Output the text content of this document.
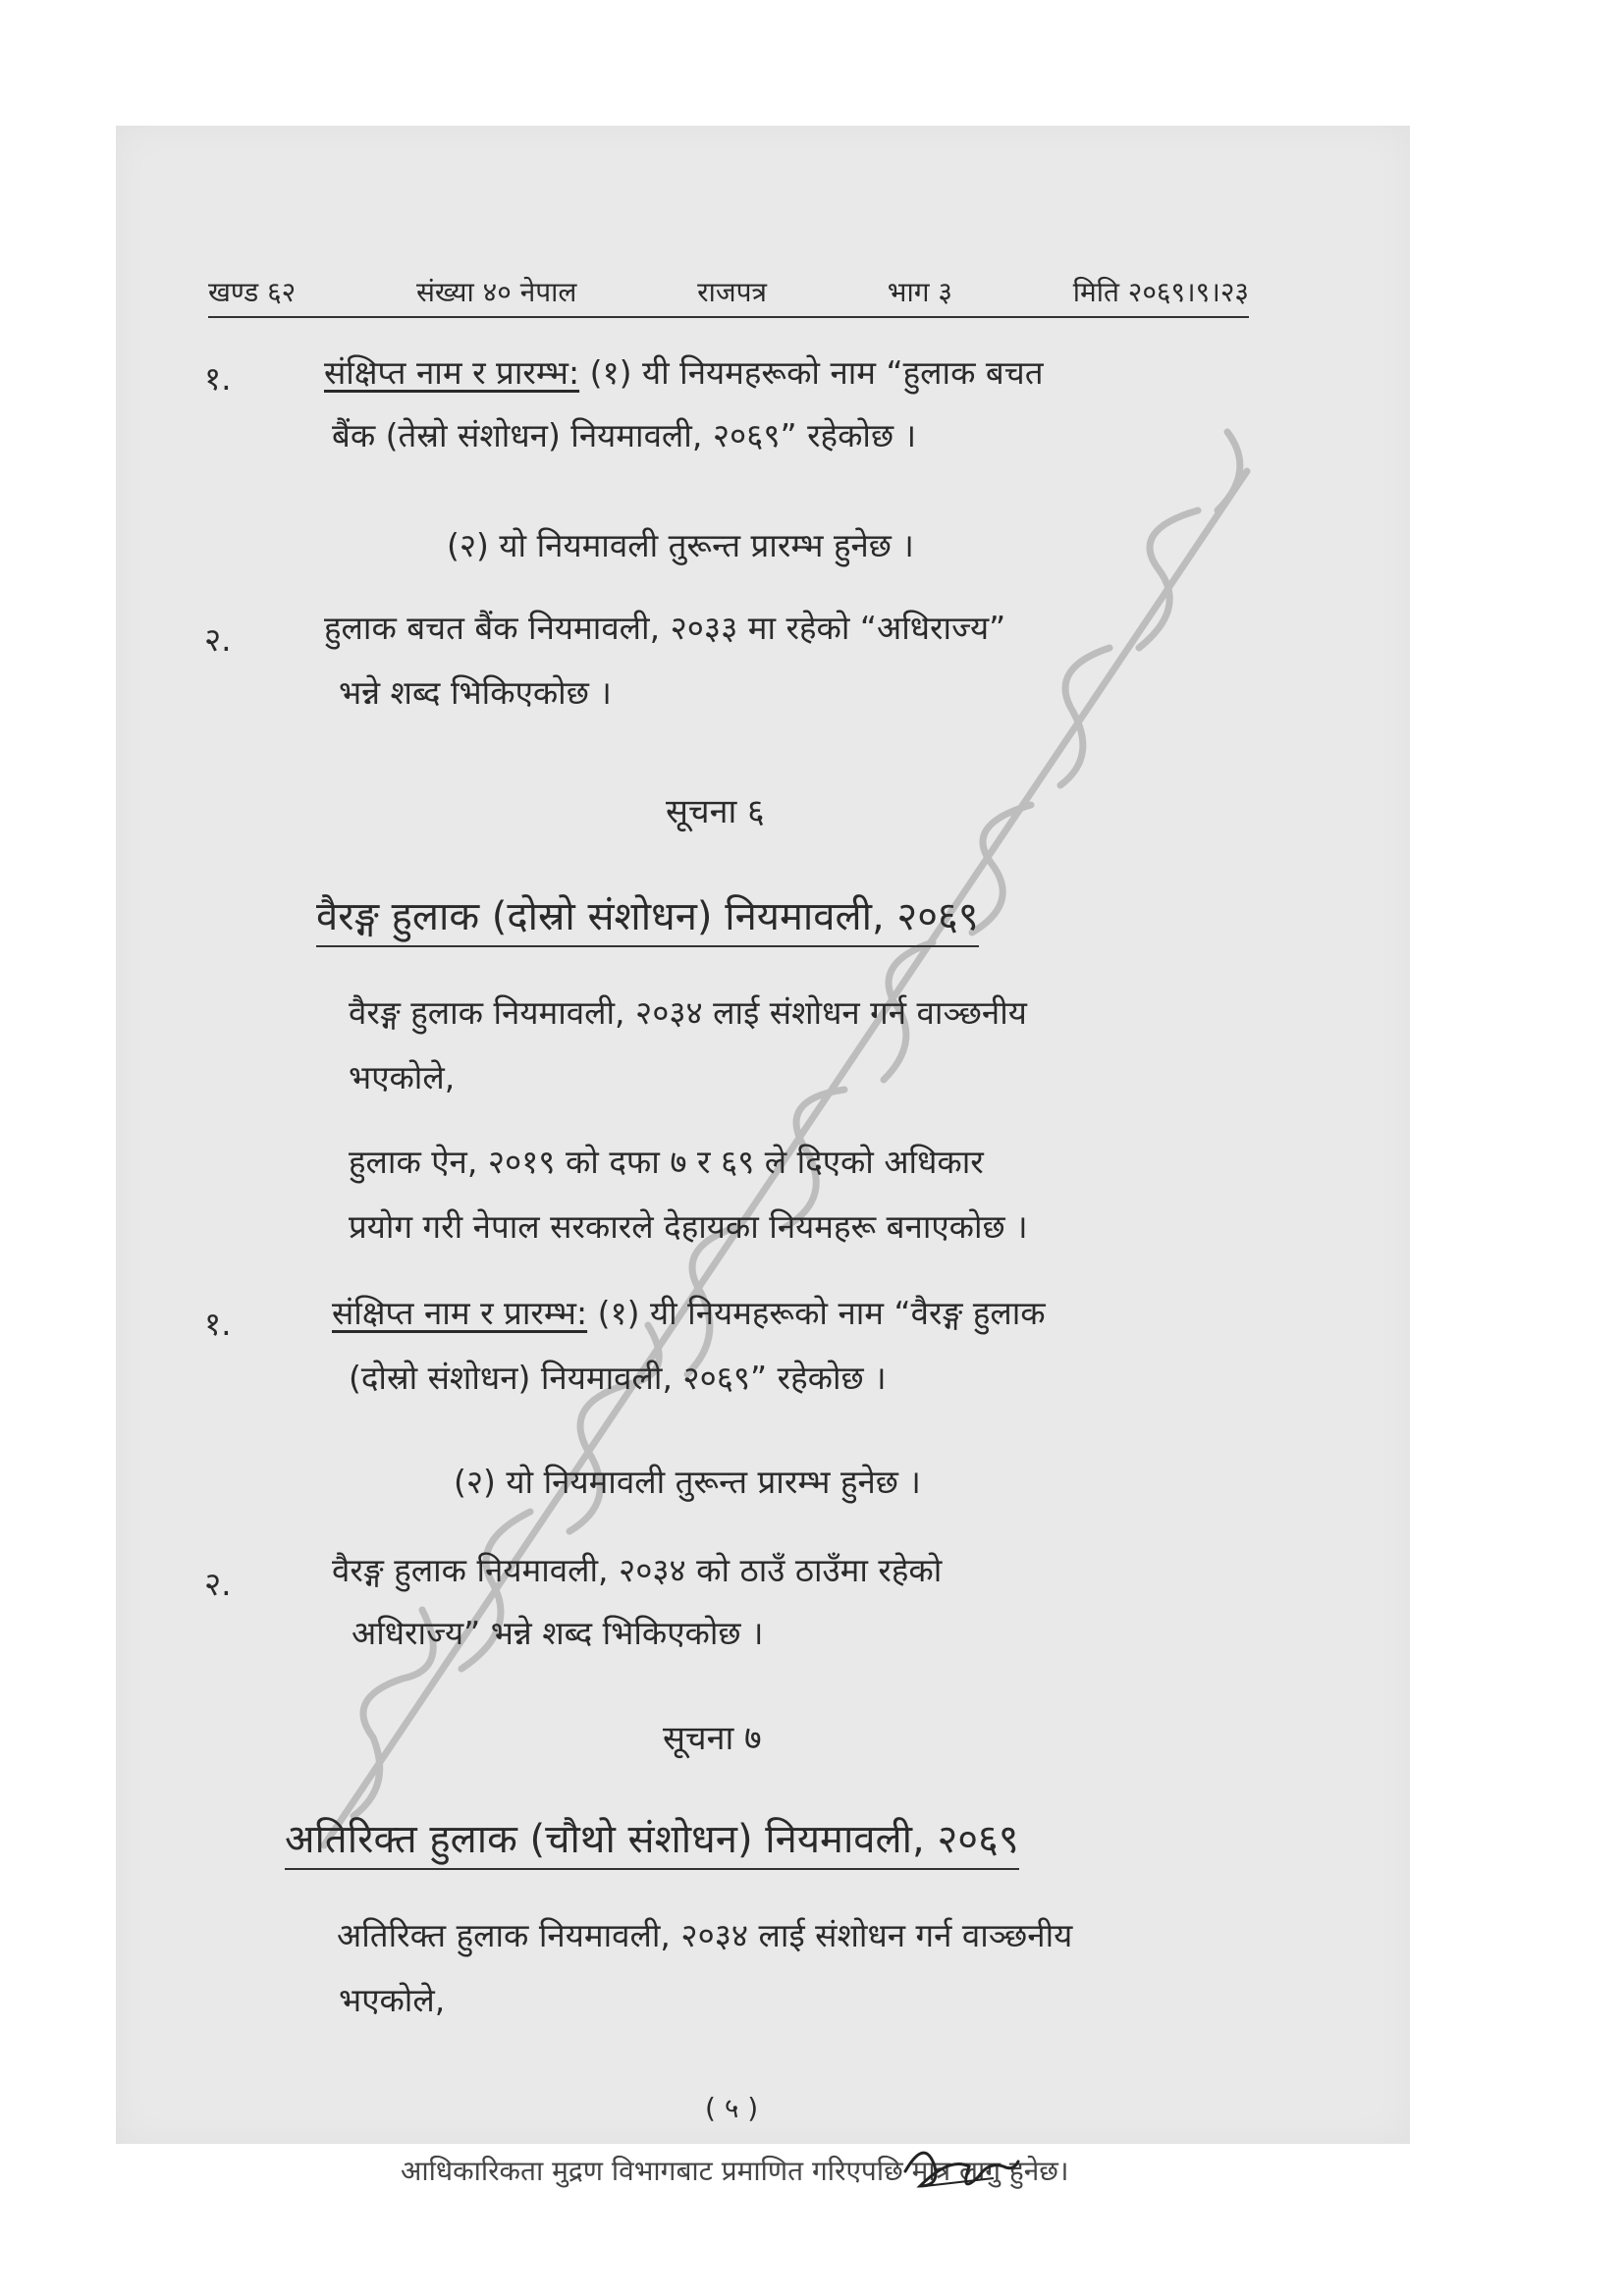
खण्ड ६२	संख्या ४० नेपाल	राजपत्र	भाग ३	मिति २०६९।९।२३
१.	संक्षिप्त नाम र प्रारम्भ: (१) यी नियमहरूको नाम “हुलाक बचत
बैंक (तेस्रो संशोधन) नियमावली, २०६९” रहेकोछ ।
(२) यो नियमावली तुरून्त प्रारम्भ हुनेछ ।
२.	हुलाक बचत बैंक नियमावली, २०३३ मा रहेको “अधिराज्य”
भन्ने शब्द भिकिएकोछ ।
सूचना ६
वैरङ्ग हुलाक (दोस्रो संशोधन) नियमावली, २०६९
वैरङ्ग हुलाक नियमावली, २०३४ लाई संशोधन गर्न वाञ्छनीय
भएकोले,
हुलाक ऐन, २०१९ को दफा ७ र ६९ ले दिएको अधिकार
प्रयोग गरी नेपाल सरकारले देहायका नियमहरू बनाएकोछ ।
१.	संक्षिप्त नाम र प्रारम्भ: (१) यी नियमहरूको नाम “वैरङ्ग हुलाक
(दोस्रो संशोधन) नियमावली, २०६९” रहेकोछ ।
(२) यो नियमावली तुरून्त प्रारम्भ हुनेछ ।
२.	वैरङ्ग हुलाक नियमावली, २०३४ को ठाउँ ठाउँमा रहेको
अधिराज्य” भन्ने शब्द भिकिएकोछ ।
सूचना ७
अतिरिक्त हुलाक (चौथो संशोधन) नियमावली, २०६९
अतिरिक्त हुलाक नियमावली, २०३४ लाई संशोधन गर्न वाञ्छनीय
भएकोले,
( ५ )
आधिकारिकता मुद्रण विभागबाट प्रमाणित गरिएपछि मात्र लागु हुनेछ।
